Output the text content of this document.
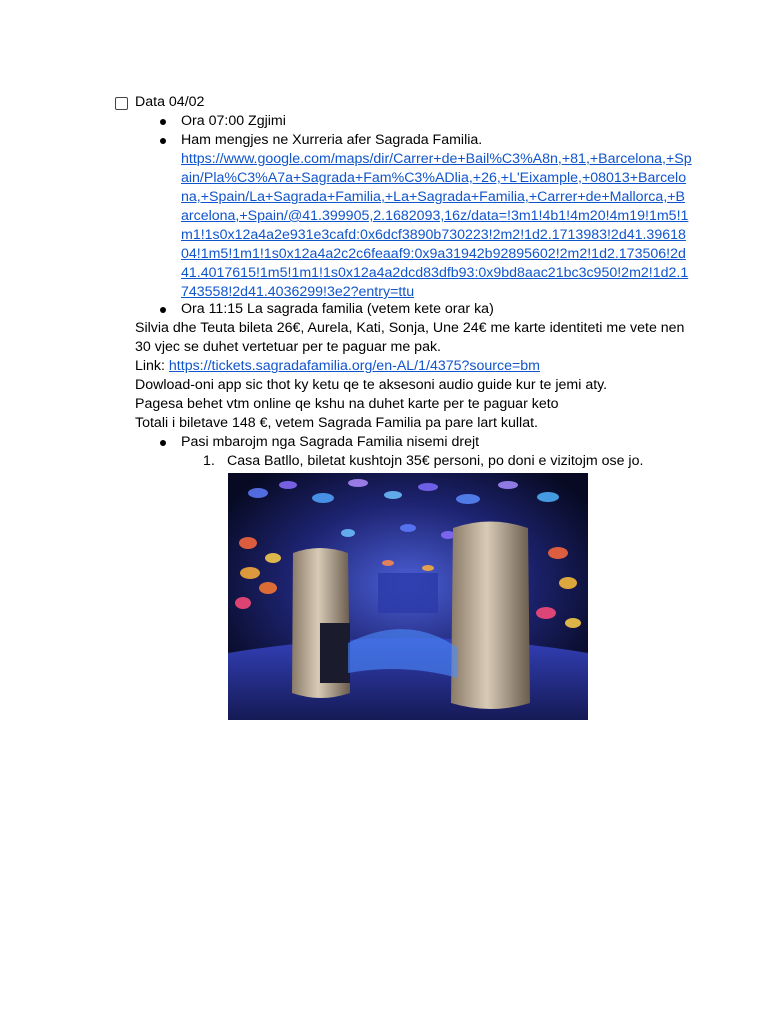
Data 04/02
Ora 07:00 Zgjimi
Ham mengjes ne Xurreria afer Sagrada Familia.
https://www.google.com/maps/dir/Carrer+de+Bail%C3%A8n,+81,+Barcelona,+Sp
ain/Pla%C3%A7a+Sagrada+Fam%C3%ADlia,+26,+L'Eixample,+08013+Barcelo
na,+Spain/La+Sagrada+Familia,+La+Sagrada+Familia,+Carrer+de+Mallorca,+B
arcelona,+Spain/@41.399905,2.1682093,16z/data=!3m1!4b1!4m20!4m19!1m5!1
m1!1s0x12a4a2e931e3cafd:0x6dcf3890b730223!2m2!1d2.1713983!2d41.39618
04!1m5!1m1!1s0x12a4a2c2c6feaaf9:0x9a31942b92895602!2m2!1d2.173506!2d
41.4017615!1m5!1m1!1s0x12a4a2dcd83dfb93:0x9bd8aac21bc3c950!2m2!1d2.1
743558!2d41.4036299!3e2?entry=ttu
Ora 11:15 La sagrada familia (vetem kete orar ka)
Silvia dhe Teuta bileta 26€, Aurela, Kati, Sonja, Une 24€ me karte identiteti me vete nen
30 vjec se duhet vertetuar per te paguar me pak.
Link: https://tickets.sagradafamilia.org/en-AL/1/4375?source=bm
Dowload-oni app sic thot ky ketu qe te aksesoni audio guide kur te jemi aty.
Pagesa behet vtm online qe kshu na duhet karte per te paguar keto
Totali i biletave 148 €, vetem Sagrada Familia pa pare lart kullat.
Pasi mbarojm nga Sagrada Familia nisemi drejt
1. Casa Batllo, biletat kushtojn 35€ personi, po doni e vizitojm ose jo.
